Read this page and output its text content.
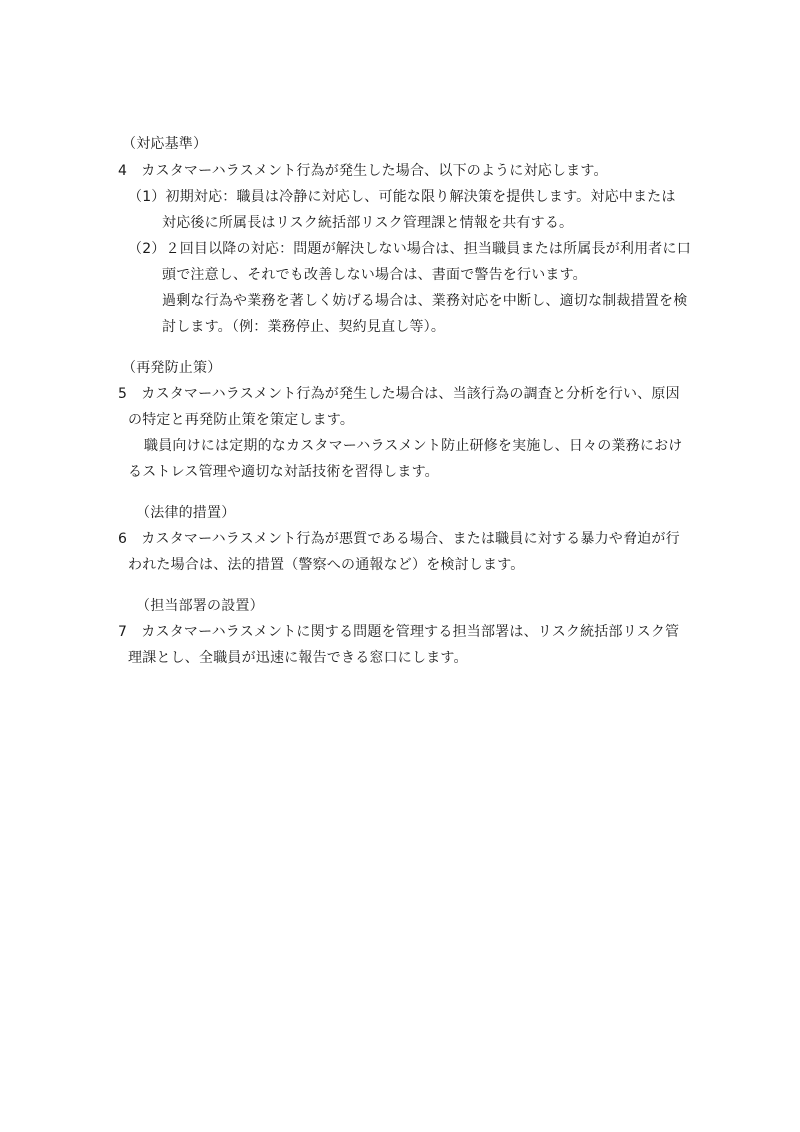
（対応基準）
4　カスタマーハラスメント行為が発生した場合、以下のように対応します。
（1）初期対応：職員は冷静に対応し、可能な限り解決策を提供します。対応中または
対応後に所属長はリスク統括部リスク管理課と情報を共有する。
（2）２回目以降の対応：問題が解決しない場合は、担当職員または所属長が利用者に口
頭で注意し、それでも改善しない場合は、書面で警告を行います。
過剰な行為や業務を著しく妨げる場合は、業務対応を中断し、適切な制裁措置を検
討します。（例：業務停止、契約見直し等）。
（再発防止策）
5　カスタマーハラスメント行為が発生した場合は、当該行為の調査と分析を行い、原因
の特定と再発防止策を策定します。
職員向けには定期的なカスタマーハラスメント防止研修を実施し、日々の業務におけ
るストレス管理や適切な対話技術を習得します。
（法律的措置）
6　カスタマーハラスメント行為が悪質である場合、または職員に対する暴力や脅迫が行
われた場合は、法的措置（警察への通報など）を検討します。
（担当部署の設置）
7　カスタマーハラスメントに関する問題を管理する担当部署は、リスク統括部リスク管
理課とし、全職員が迅速に報告できる窓口にします。
